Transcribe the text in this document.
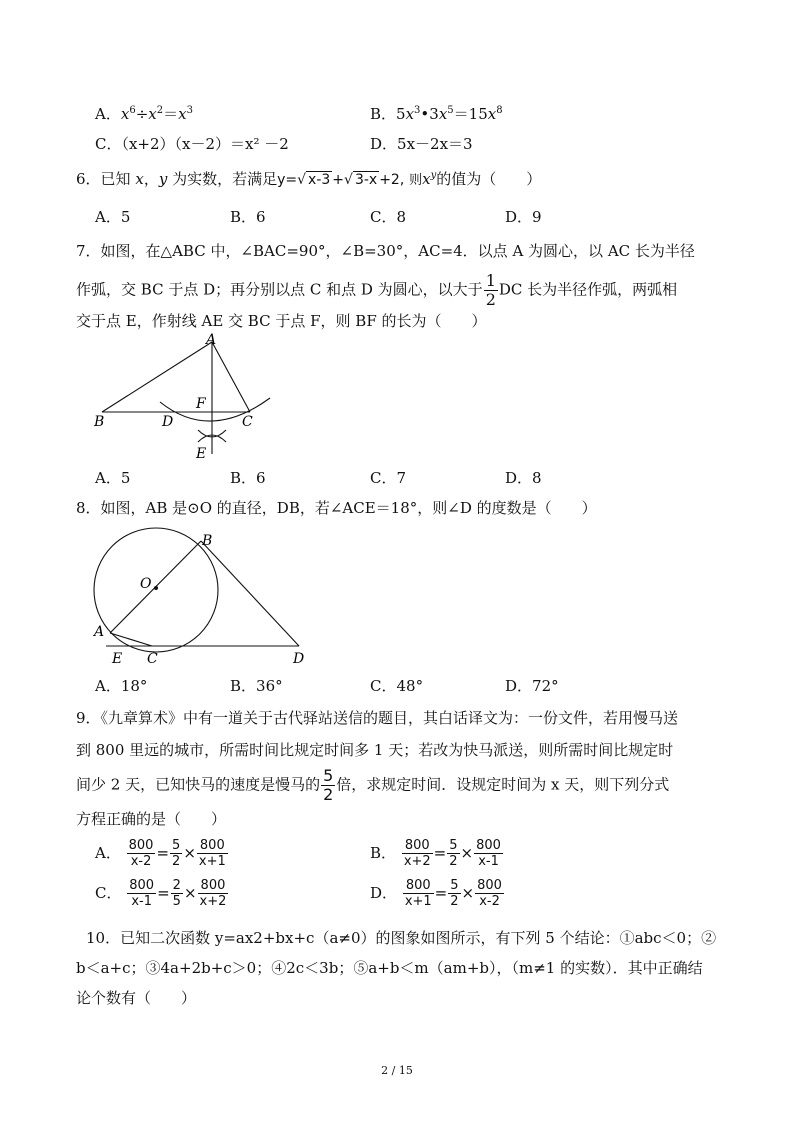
A．$x^6\div x^2=x^3$	B．$5x^3•3x^5=15x^8$
C．（x+2）（x－2）＝x² －2	D．5x－2x＝3
6．已知 x，y 为实数，若满足y=√ x-3 +√ 3-x +2, 则$x^y$的值为（　　）
A．5	B．6	C．8	D．9
7．如图，在△ABC 中，∠BAC=90°，∠B=30°，AC=4．以点 A 为圆心，以 AC 长为半径
作弧，交 BC 于点 D；再分别以点 C 和点 D 为圆心，以大于 $\frac{1}{2}$ DC 长为半径作弧，两弧相
交于点 E，作射线 AE 交 BC 于点 F，则 BF 的长为（　　）
A
B	D
F
C
E
A．5	B．6	C．7	D．8
8．如图，AB 是⊙O 的直径，DB，若∠ACE＝18°，则∠D 的度数是（　　）
B
O
A
E C	D
A．18°	B．36°	C．48°	D．72°
9．《九章算术》中有一道关于古代驿站送信的题目，其白话译文为：一份文件，若用慢马送
到 800 里远的城市，所需时间比规定时间多 1 天；若改为快马派送，则所需时间比规定时
间少 2 天，已知快马的速度是慢马的 $\frac{5}{2}$ 倍，求规定时间．设规定时间为 x 天，则下列分式
方程正确的是（　　）
A． $\frac{800}{x-2} = \frac{5}{2} \times \frac{800}{x+1}$	B． $\frac{800}{x+2} = \frac{5}{2} \times \frac{800}{x-1}$
C． $\frac{800}{x-1} = \frac{2}{5} \times \frac{800}{x+2}$	D． $\frac{800}{x+1} = \frac{5}{2} \times \frac{800}{x-2}$
10．已知二次函数 y=ax2+bx+c（a≠0）的图象如图所示，有下列 5 个结论：①abc＜0；②
b＜a+c；③4a+2b+c＞0；④2c＜3b；⑤a+b＜m（am+b），（m≠1 的实数）．其中正确结
论个数有（　　）
2 / 15
